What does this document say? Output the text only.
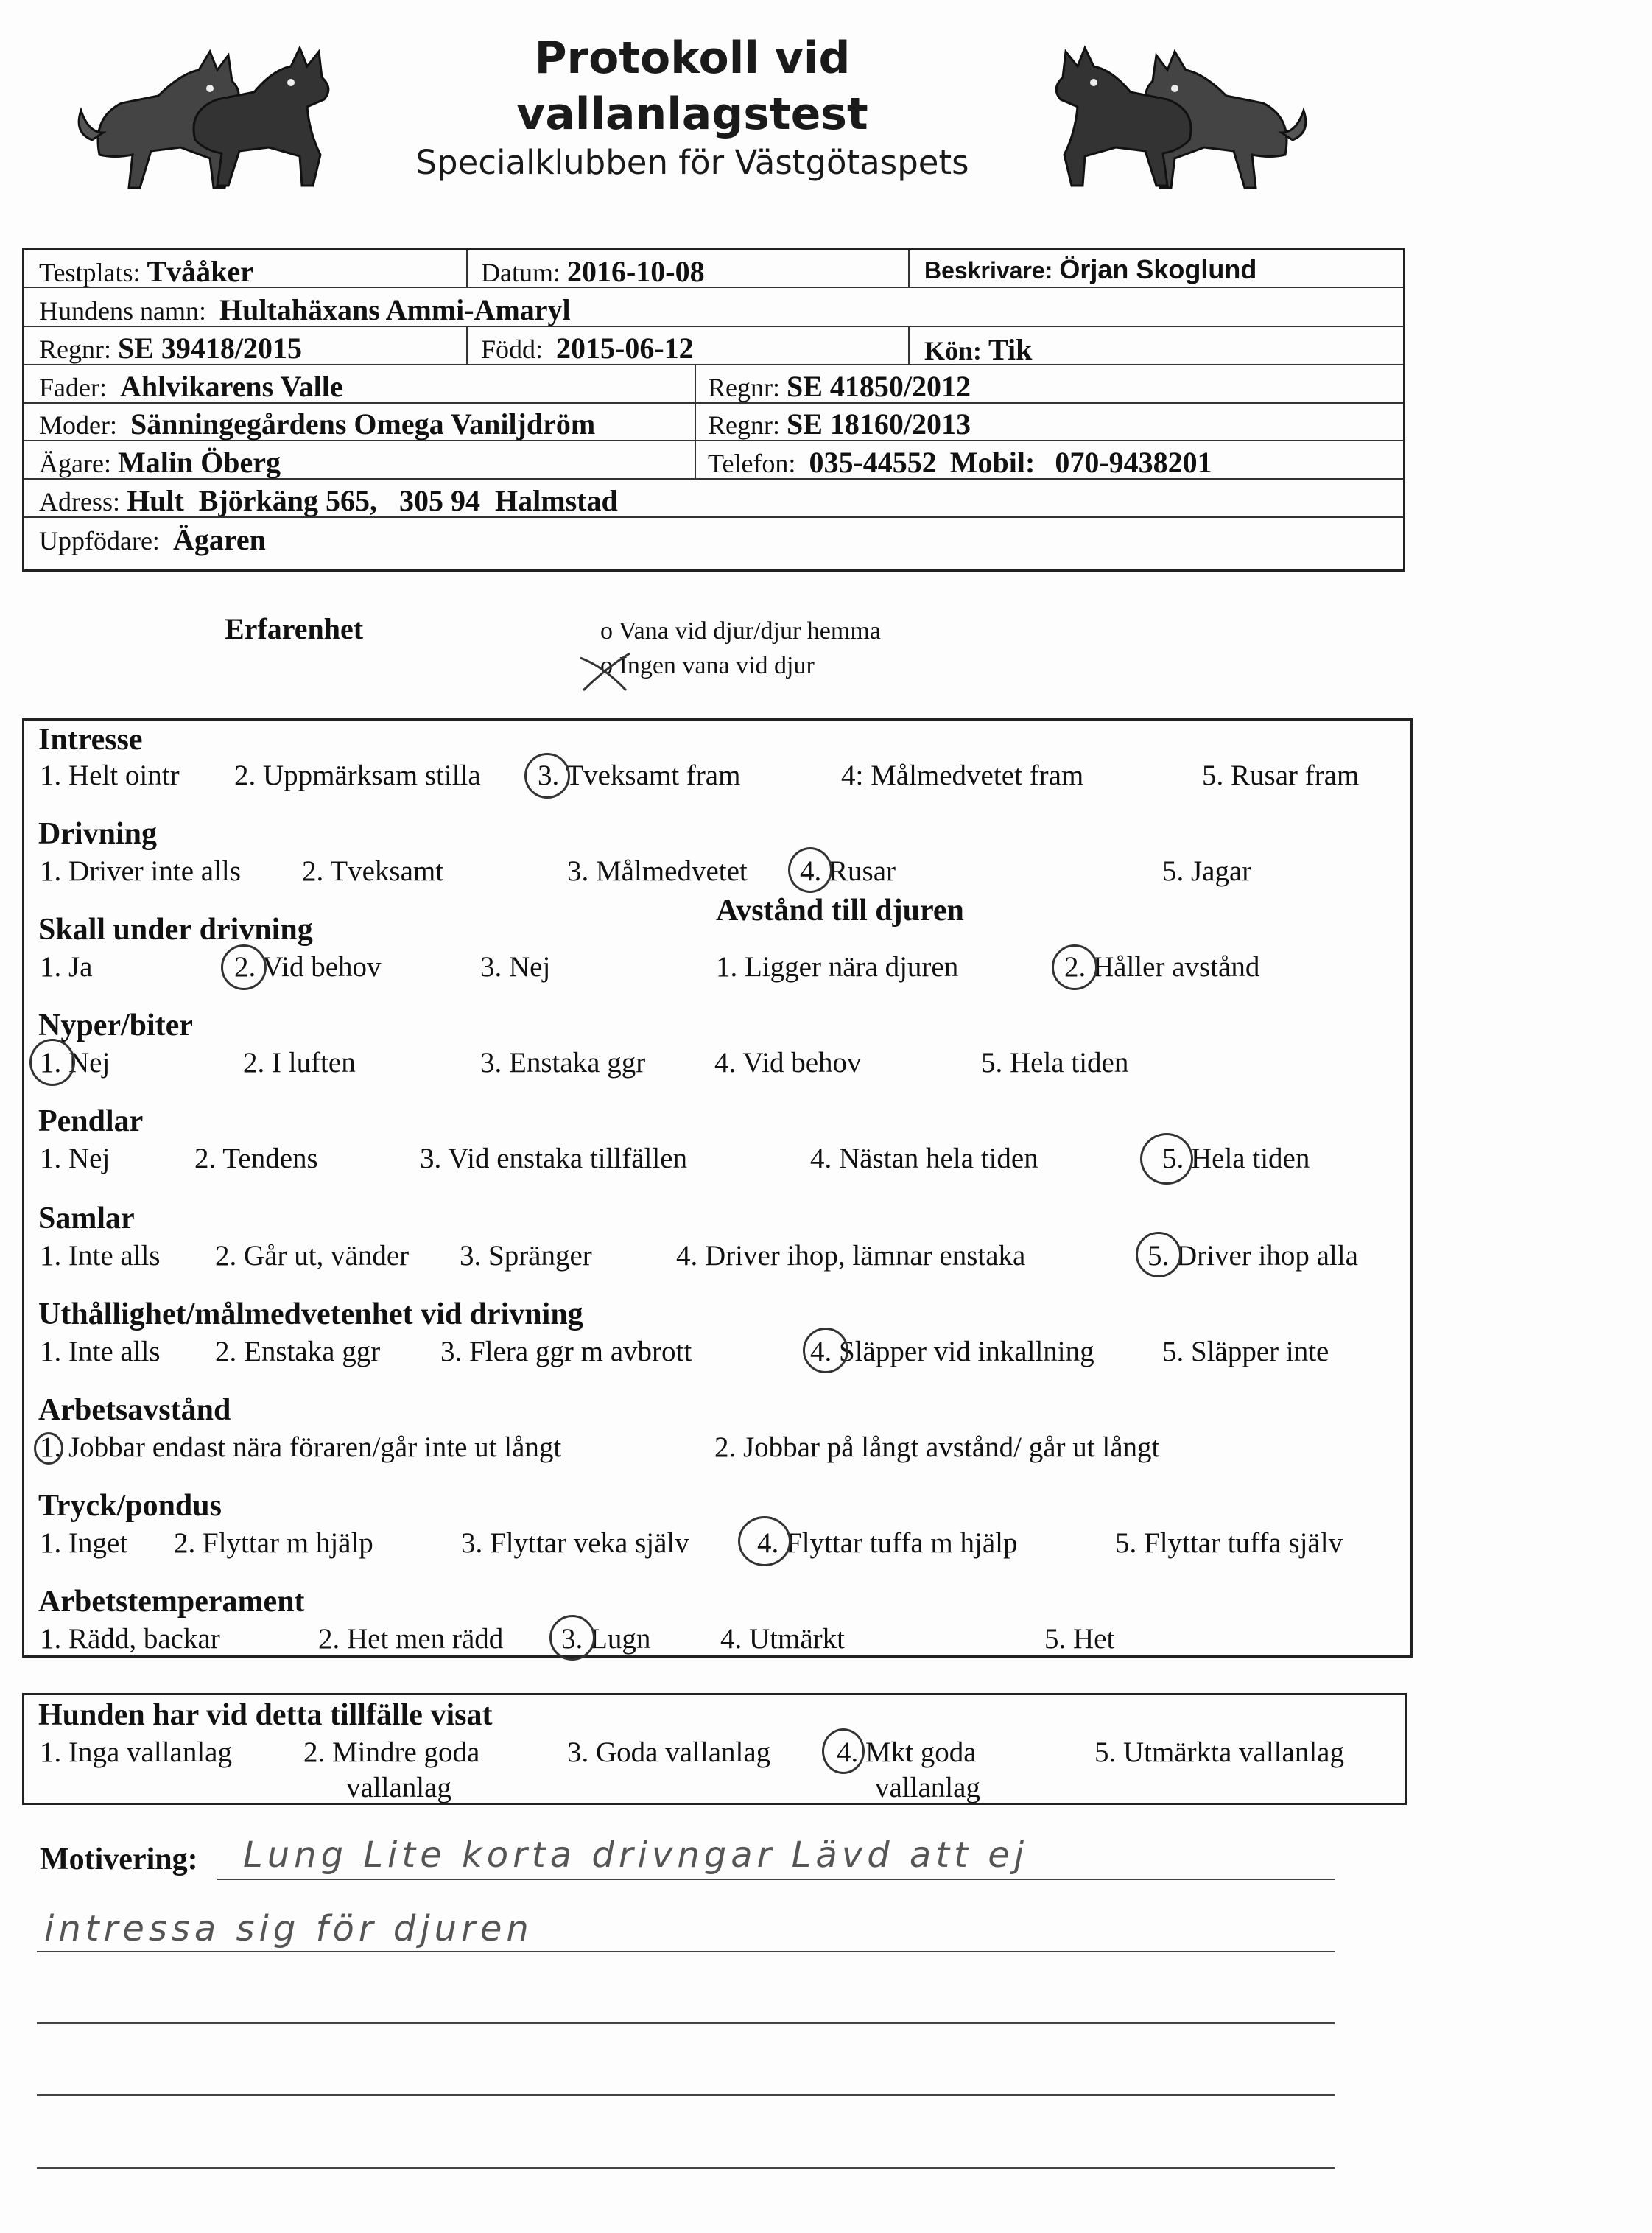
Protokoll vid
vallanlagstest
Specialklubben för Västgötaspets
Testplats: Tvååker	Datum: 2016-10-08	Beskrivare: Örjan Skoglund
Hundens namn: Hultahäxans Ammi-Amaryl
Regnr: SE 39418/2015	Född: 2015-06-12	Kön: Tik
Fader: Ahlvikarens Valle	Regnr: SE 41850/2012
Moder: Sänningegårdens Omega Vaniljdröm	Regnr: SE 18160/2013
Ägare: Malin Öberg	Telefon: 035-44552 Mobil: 070-9438201
Adress: Hult  Björkäng 565,   305 94  Halmstad
Uppfödare: Ägaren
Erfarenhet	o Vana vid djur/djur hemma
o Ingen vana vid djur
Intresse
1. Helt ointr 2. Uppmärksam stilla 3. Tveksamt fram	4: Målmedvetet fram	5. Rusar fram
Drivning
1. Driver inte alls 2. Tveksamt	3. Målmedvetet 4. Rusar	5. Jagar
Skall under drivning
Avstånd till djuren
1. Ja	2. Vid behov	3. Nej	1. Ligger nära djuren	2. Håller avstånd
Nyper/biter
1. Nej	2. I luften	3. Enstaka ggr 4. Vid behov	5. Hela tiden
Pendlar
1. Nej	2. Tendens	3. Vid enstaka tillfällen	4. Nästan hela tiden	5. Hela tiden
Samlar
1. Inte alls 2. Går ut, vänder 3. Spränger	4. Driver ihop, lämnar enstaka	5. Driver ihop alla
Uthållighet/målmedvetenhet vid drivning
1. Inte alls 2. Enstaka ggr 3. Flera ggr m avbrott	4. Släpper vid inkallning 5. Släpper inte
Arbetsavstånd
1. Jobbar endast nära föraren/går inte ut långt	2. Jobbar på långt avstånd/ går ut långt
Tryck/pondus
1. Inget 2. Flyttar m hjälp	3. Flyttar veka själv 4. Flyttar tuffa m hjälp	5. Flyttar tuffa själv
Arbetstemperament
1. Rädd, backar	2. Het men rädd 3. Lugn 4. Utmärkt	5. Het
Hunden har vid detta tillfälle visat
1. Inga vallanlag 2. Mindre goda
vallanlag
3. Goda vallanlag 4. Mkt goda
vallanlag
5. Utmärkta vallanlag
Motivering: Lung Lite korta drivngar Lävd att ej
intressa sig för djuren
